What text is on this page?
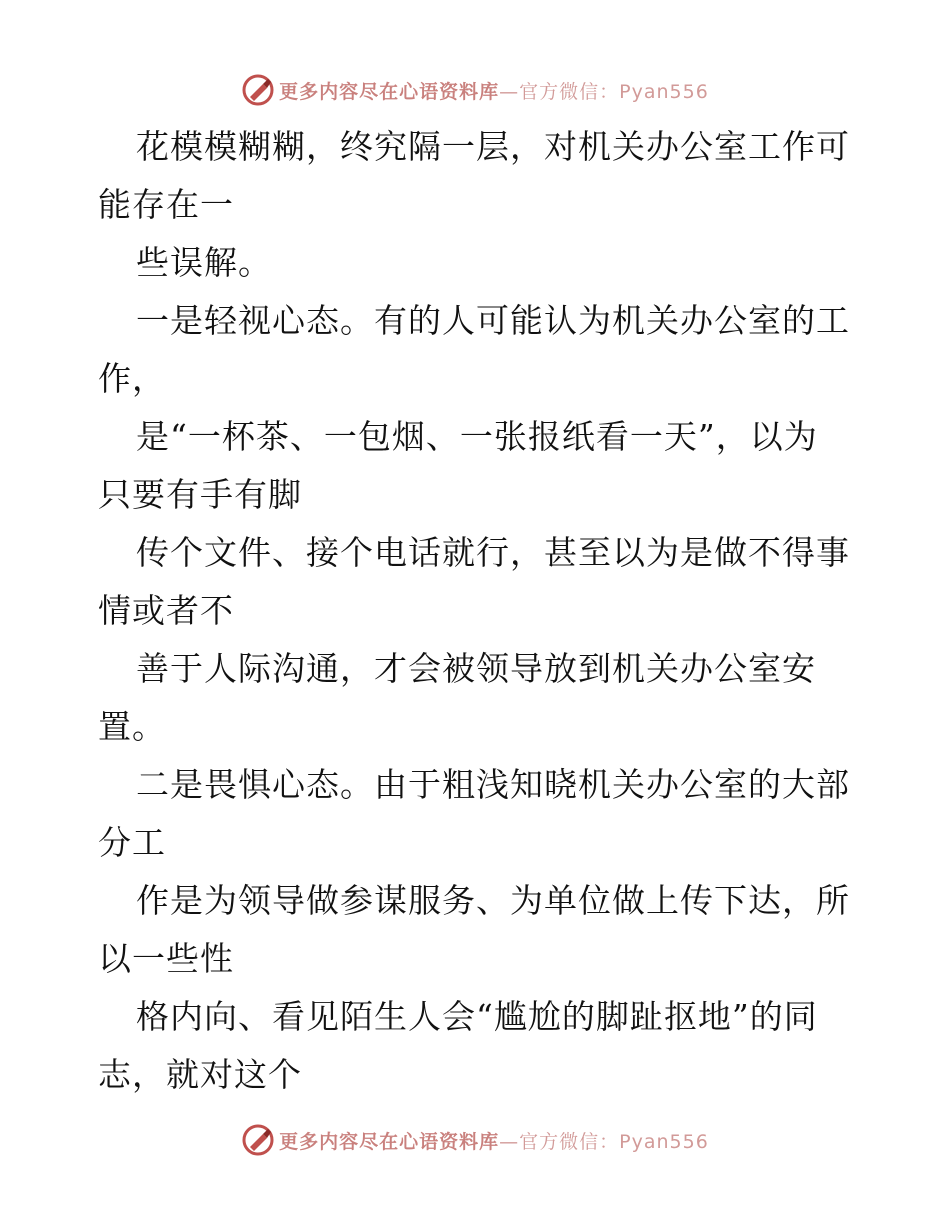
更多内容尽在心语资料库—官方微信：Pyan556
花模模糊糊，终究隔一层，对机关办公室工作可
能存在一
些误解。
一是轻视心态。有的人可能认为机关办公室的工
作，
是“一杯茶、一包烟、一张报纸看一天”，以为
只要有手有脚
传个文件、接个电话就行，甚至以为是做不得事
情或者不
善于人际沟通，才会被领导放到机关办公室安
置。
二是畏惧心态。由于粗浅知晓机关办公室的大部
分工
作是为领导做参谋服务、为单位做上传下达，所
以一些性
格内向、看见陌生人会“尴尬的脚趾抠地”的同
志，就对这个
更多内容尽在心语资料库—官方微信：Pyan556
